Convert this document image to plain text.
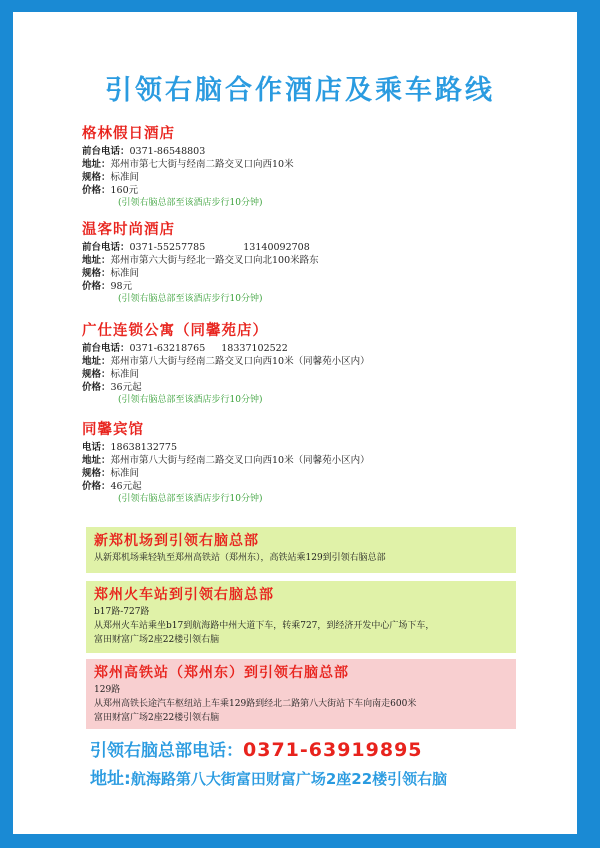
引领右脑合作酒店及乘车路线
格林假日酒店
前台电话：0371-86548803
地址：郑州市第七大街与经南二路交叉口向西10米
规格：标准间
价格：160元
(引领右脑总部至该酒店步行10分钟)
温客时尚酒店
前台电话：0371-55257785	13140092708
地址：郑州市第六大街与经北一路交叉口向北100米路东
规格：标准间
价格：98元
(引领右脑总部至该酒店步行10分钟)
广仕连锁公寓（同馨苑店）
前台电话：0371-63218765 18337102522
地址：郑州市第八大街与经南二路交叉口向西10米（同馨苑小区内）
规格：标准间
价格：36元起
(引领右脑总部至该酒店步行10分钟)
同馨宾馆
电话：18638132775
地址：郑州市第八大街与经南二路交叉口向西10米（同馨苑小区内）
规格：标准间
价格：46元起
(引领右脑总部至该酒店步行10分钟)
新郑机场到引领右脑总部
从新郑机场乘轻轨至郑州高铁站（郑州东），高铁站乘129到引领右脑总部
郑州火车站到引领右脑总部
b17路-727路
从郑州火车站乘坐b17到航海路中州大道下车，转乘727，到经济开发中心广场下车，
富田财富广场2座22楼引领右脑
郑州高铁站（郑州东）到引领右脑总部
129路
从郑州高铁长途汽车枢纽站上车乘129路到经北二路第八大街站下车向南走600米
富田财富广场2座22楼引领右脑
引领右脑总部电话：0371-63919895
地址:航海路第八大街富田财富广场2座22楼引领右脑
